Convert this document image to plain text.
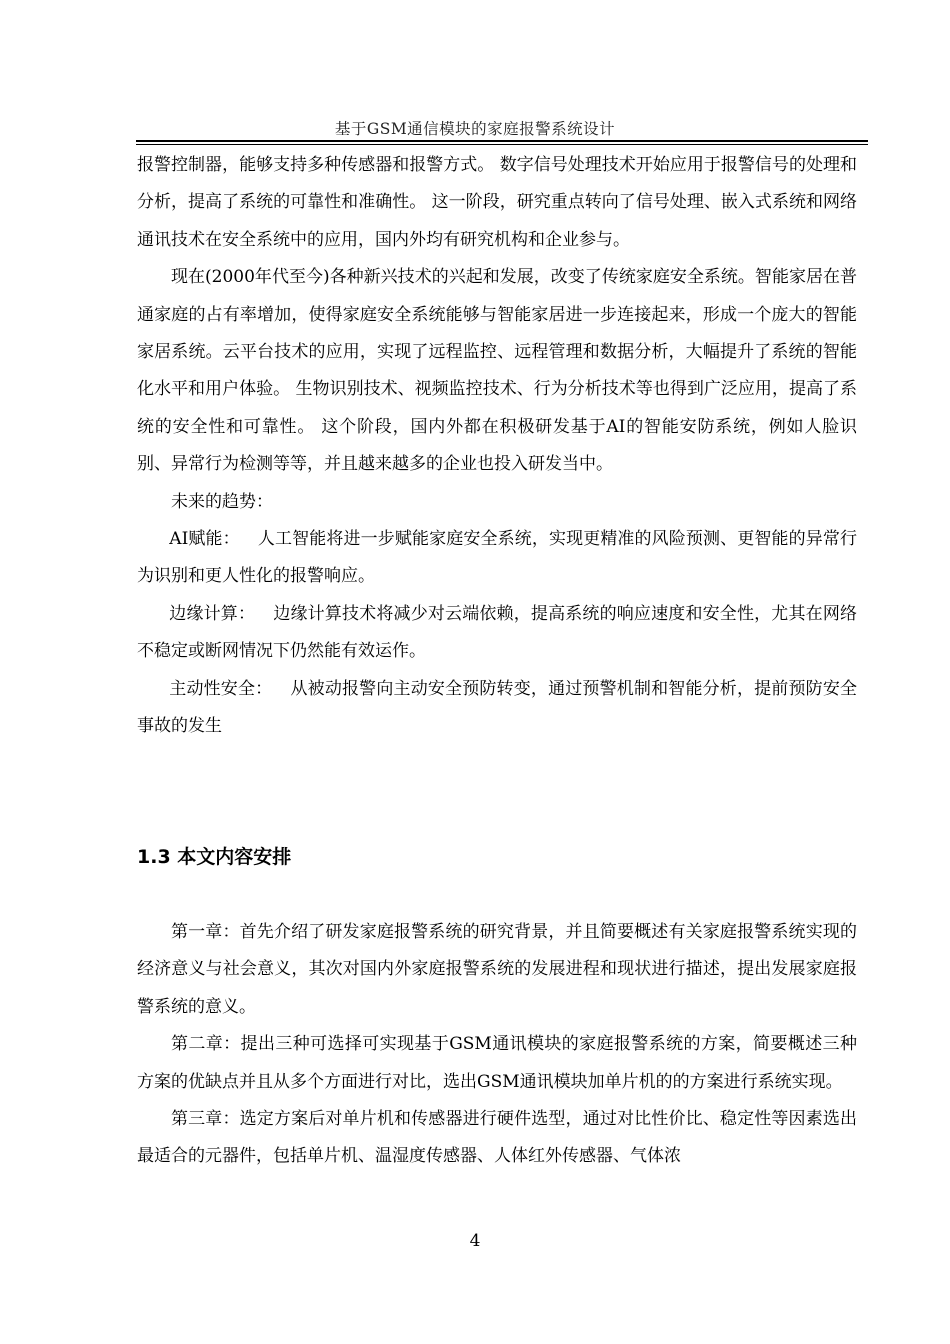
基于GSM通信模块的家庭报警系统设计

报警控制器，能够支持多种传感器和报警方式。 数字信号处理技术开始应用于报警信号的处理和分析，提高了系统的可靠性和准确性。 这一阶段，研究重点转向了信号处理、嵌入式系统和网络通讯技术在安全系统中的应用，国内外均有研究机构和企业参与。

现在(2000年代至今)各种新兴技术的兴起和发展，改变了传统家庭安全系统。智能家居在普通家庭的占有率增加，使得家庭安全系统能够与智能家居进一步连接起来，形成一个庞大的智能家居系统。云平台技术的应用，实现了远程监控、远程管理和数据分析，大幅提升了系统的智能化水平和用户体验。 生物识别技术、视频监控技术、行为分析技术等也得到广泛应用，提高了系统的安全性和可靠性。 这个阶段，国内外都在积极研发基于AI的智能安防系统，例如人脸识别、异常行为检测等等，并且越来越多的企业也投入研发当中。

未来的趋势：

AI赋能： 人工智能将进一步赋能家庭安全系统，实现更精准的风险预测、更智能的异常行为识别和更人性化的报警响应。

边缘计算： 边缘计算技术将减少对云端依赖，提高系统的响应速度和安全性，尤其在网络不稳定或断网情况下仍然能有效运作。

主动性安全： 从被动报警向主动安全预防转变，通过预警机制和智能分析，提前预防安全事故的发生

1.3 本文内容安排

第一章：首先介绍了研发家庭报警系统的研究背景，并且简要概述有关家庭报警系统实现的经济意义与社会意义，其次对国内外家庭报警系统的发展进程和现状进行描述，提出发展家庭报警系统的意义。

第二章：提出三种可选择可实现基于GSM通讯模块的家庭报警系统的方案，简要概述三种方案的优缺点并且从多个方面进行对比，选出GSM通讯模块加单片机的的方案进行系统实现。

第三章：选定方案后对单片机和传感器进行硬件选型，通过对比性价比、稳定性等因素选出最适合的元器件，包括单片机、温湿度传感器、人体红外传感器、气体浓

4
